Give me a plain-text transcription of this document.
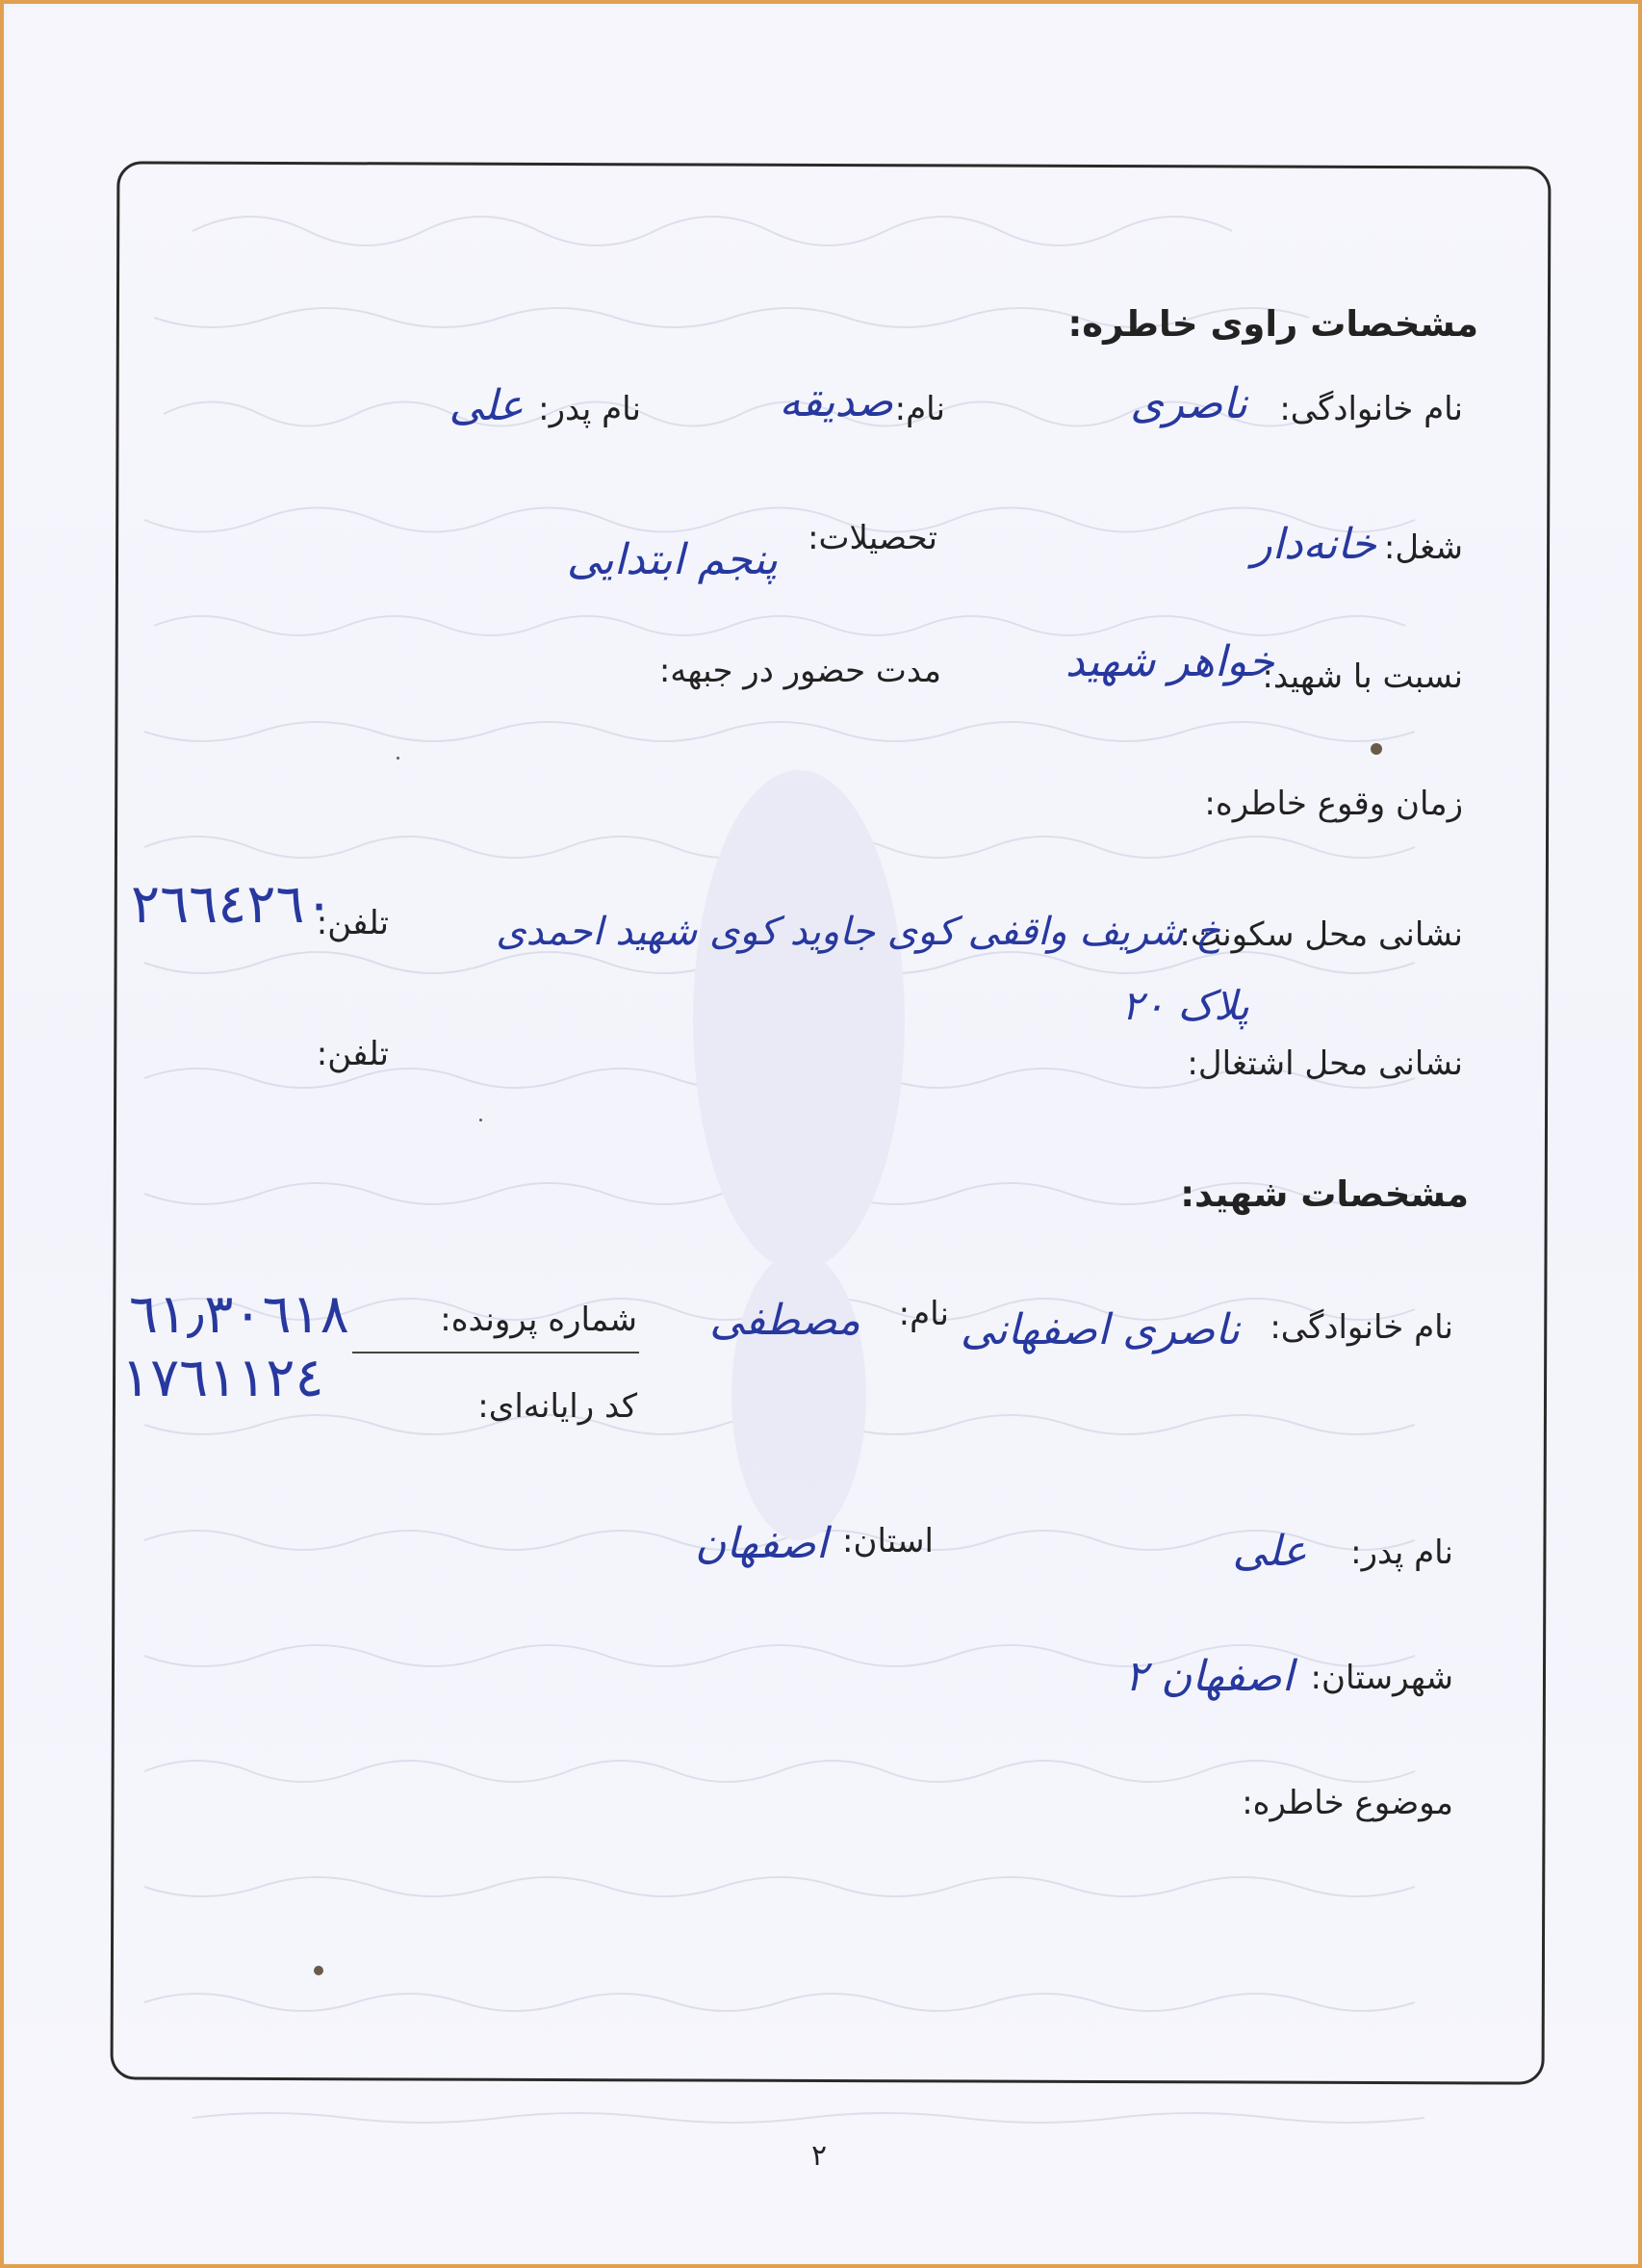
مشخصات راوی خاطره:
نام خانوادگی:
ناصری
نام:
صدیقه
نام پدر:
علی
شغل:
خانه‌دار
تحصیلات:
پنجم ابتدایی
نسبت با شهید:
خواهر شهید
مدت حضور در جبهه:
زمان وقوع خاطره:
نشانی محل سکونت:
خ شریف واقفی کوی جاوید کوی شهید احمدی
پلاک ۲۰
تلفن:
٢٦٦٤٢٦٠
نشانی محل اشتغال:
تلفن:
مشخصات شهید:
نام خانوادگی:
ناصری اصفهانی
نام:
مصطفی
شماره پرونده:
٦١٫٣٠٦١٨
کد رایانه‌ای:
١٧٦١١٢٤
نام پدر:
علی
استان:
اصفهان
شهرستان:
اصفهان ۲
موضوع خاطره:
٢
